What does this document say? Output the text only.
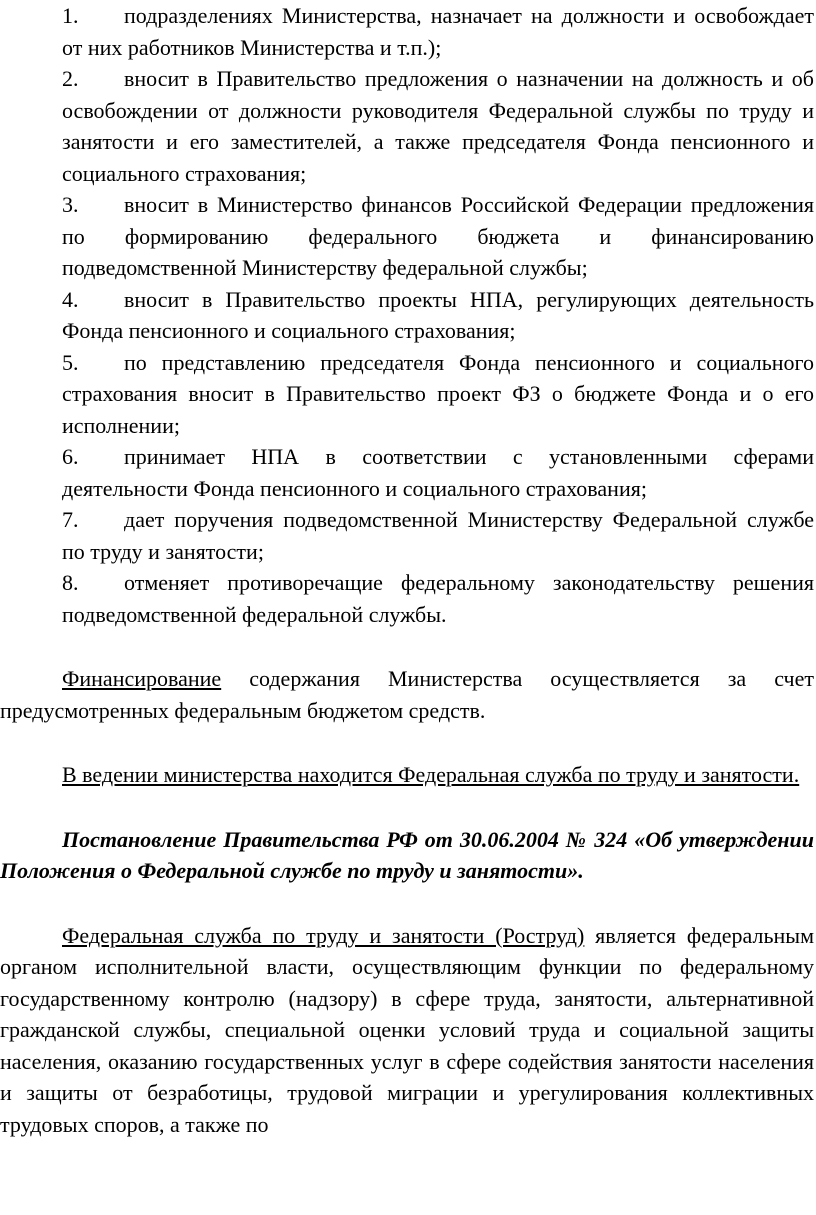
1. подразделениях Министерства, назначает на должности и освобождает от них работников Министерства и т.п.);

2. вносит в Правительство предложения о назначении на должность и об освобождении от должности руководителя Федеральной службы по труду и занятости и его заместителей, а также председателя Фонда пенсионного и социального страхования;

3. вносит в Министерство финансов Российской Федерации предложения по формированию федерального бюджета и финансированию подведомственной Министерству федеральной службы;

4. вносит в Правительство проекты НПА, регулирующих деятельность Фонда пенсионного и социального страхования;

5. по представлению председателя Фонда пенсионного и социального страхования вносит в Правительство проект ФЗ о бюджете Фонда и о его исполнении;

6. принимает НПА в соответствии с установленными сферами деятельности Фонда пенсионного и социального страхования;

7. дает поручения подведомственной Министерству Федеральной службе по труду и занятости;

8. отменяет противоречащие федеральному законодательству решения подведомственной федеральной службы.

Финансирование содержания Министерства осуществляется за счет предусмотренных федеральным бюджетом средств.

В ведении министерства находится Федеральная служба по труду и занятости.

Постановление Правительства РФ от 30.06.2004 № 324 «Об утверждении Положения о Федеральной службе по труду и занятости».

Федеральная служба по труду и занятости (Роструд) является федеральным органом исполнительной власти, осуществляющим функции по федеральному государственному контролю (надзору) в сфере труда, занятости, альтернативной гражданской службы, специальной оценки условий труда и социальной защиты населения, оказанию государственных услуг в сфере содействия занятости населения и защиты от безработицы, трудовой миграции и урегулирования коллективных трудовых споров, а также по
